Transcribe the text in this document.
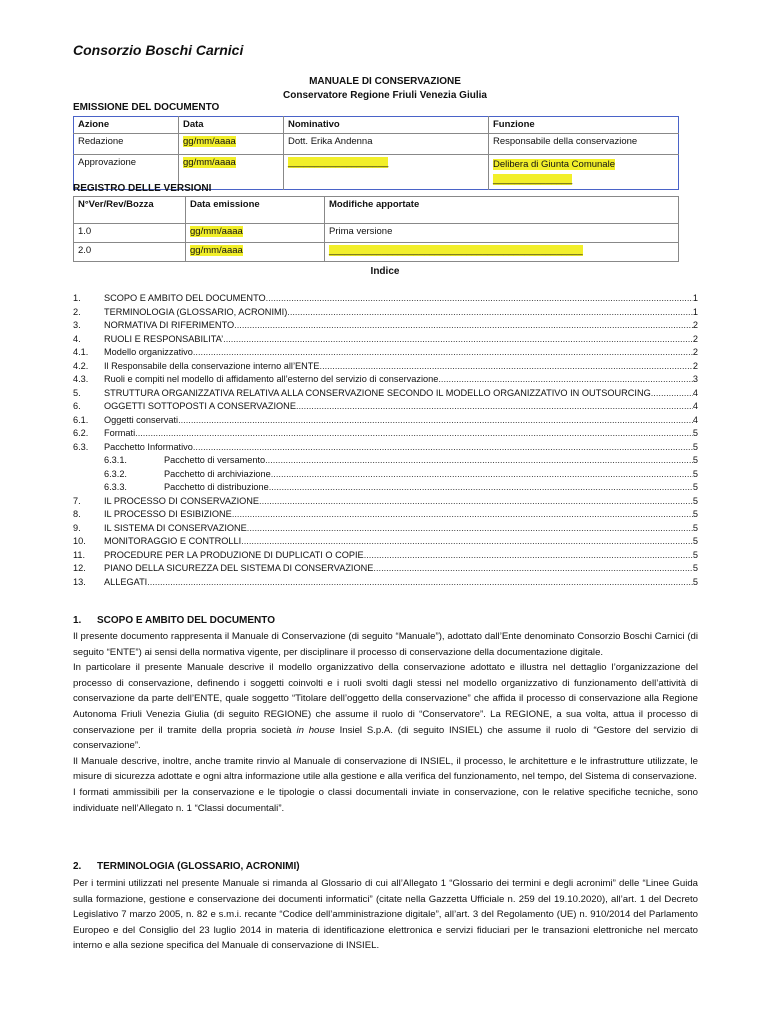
Consorzio Boschi Carnici
MANUALE DI CONSERVAZIONE
Conservatore Regione Friuli Venezia Giulia
EMISSIONE DEL DOCUMENTO
Azione	Data	Nominativo	Funzione
Redazione	gg/mm/aaaa	Dott. Erika Andenna	Responsabile della conservazione
Approvazione	gg/mm/aaaa	___________________	Delibera di Giunta Comunale _______________
REGISTRO DELLE VERSIONI
N°Ver/Rev/Bozza	Data emissione	Modifiche apportate
1.0	gg/mm/aaaa	Prima versione
2.0	gg/mm/aaaa	________________________________________________
Indice
1.	SCOPO E AMBITO DEL DOCUMENTO .....	1
2.	TERMINOLOGIA (GLOSSARIO, ACRONIMI) .....	1
3.	NORMATIVA DI RIFERIMENTO .....	2
4.	RUOLI E RESPONSABILITA’ .....	2
4.1.	Modello organizzativo .....	2
4.2.	Il Responsabile della conservazione interno all’ENTE .....	2
4.3.	Ruoli e compiti nel modello di affidamento all’esterno del servizio di conservazione .....	3
5.	STRUTTURA ORGANIZZATIVA RELATIVA ALLA CONSERVAZIONE SECONDO IL MODELLO ORGANIZZATIVO IN OUTSOURCING .....	4
6.	OGGETTI SOTTOPOSTI A CONSERVAZIONE .....	4
6.1.	Oggetti conservati .....	4
6.2.	Formati .....	5
6.3.	Pacchetto Informativo .....	5
6.3.1.	Pacchetto di versamento .....	5
6.3.2.	Pacchetto di archiviazione .....	5
6.3.3.	Pacchetto di distribuzione .....	5
7.	IL PROCESSO DI CONSERVAZIONE .....	5
8.	IL PROCESSO DI ESIBIZIONE .....	5
9.	IL SISTEMA DI CONSERVAZIONE .....	5
10.	MONITORAGGIO E CONTROLLI .....	5
11.	PROCEDURE PER LA PRODUZIONE DI DUPLICATI O COPIE .....	5
12.	PIANO DELLA SICUREZZA DEL SISTEMA DI CONSERVAZIONE .....	5
13.	ALLEGATI .....	5
1. SCOPO E AMBITO DEL DOCUMENTO

Il presente documento rappresenta il Manuale di Conservazione (di seguito “Manuale”), adottato dall’Ente denominato Consorzio Boschi Carnici (di seguito “ENTE”) ai sensi della normativa vigente, per disciplinare il processo di conservazione della documentazione digitale.

In particolare il presente Manuale descrive il modello organizzativo della conservazione adottato e illustra nel dettaglio l’organizzazione del processo di conservazione, definendo i soggetti coinvolti e i ruoli svolti dagli stessi nel modello organizzativo di funzionamento dell’attività di conservazione da parte dell’ENTE, quale soggetto “Titolare dell’oggetto della conservazione” che affida il processo di conservazione alla Regione Autonoma Friuli Venezia Giulia (di seguito REGIONE) che assume il ruolo di “Conservatore”. La REGIONE, a sua volta, attua il processo di conservazione per il tramite della propria società in house Insiel S.p.A. (di seguito INSIEL) che assume il ruolo di “Gestore del servizio di conservazione”.

Il Manuale descrive, inoltre, anche tramite rinvio al Manuale di conservazione di INSIEL, il processo, le architetture e le infrastrutture utilizzate, le misure di sicurezza adottate e ogni altra informazione utile alla gestione e alla verifica del funzionamento, nel tempo, del Sistema di conservazione.

I formati ammissibili per la conservazione e le tipologie o classi documentali inviate in conservazione, con le relative specifiche tecniche, sono individuate nell’Allegato n. 1 “Classi documentali”.

2. TERMINOLOGIA (GLOSSARIO, ACRONIMI)

Per i termini utilizzati nel presente Manuale si rimanda al Glossario di cui all’Allegato 1 “Glossario dei termini e degli acronimi” delle “Linee Guida sulla formazione, gestione e conservazione dei documenti informatici” (citate nella Gazzetta Ufficiale n. 259 del 19.10.2020), all’art. 1 del Decreto Legislativo 7 marzo 2005, n. 82 e s.m.i. recante “Codice dell’amministrazione digitale”, all’art. 3 del Regolamento (UE) n. 910/2014 del Parlamento Europeo e del Consiglio del 23 luglio 2014 in materia di identificazione elettronica e servizi fiduciari per le transazioni elettroniche nel mercato interno e alla sezione specifica del Manuale di conservazione di INSIEL.
